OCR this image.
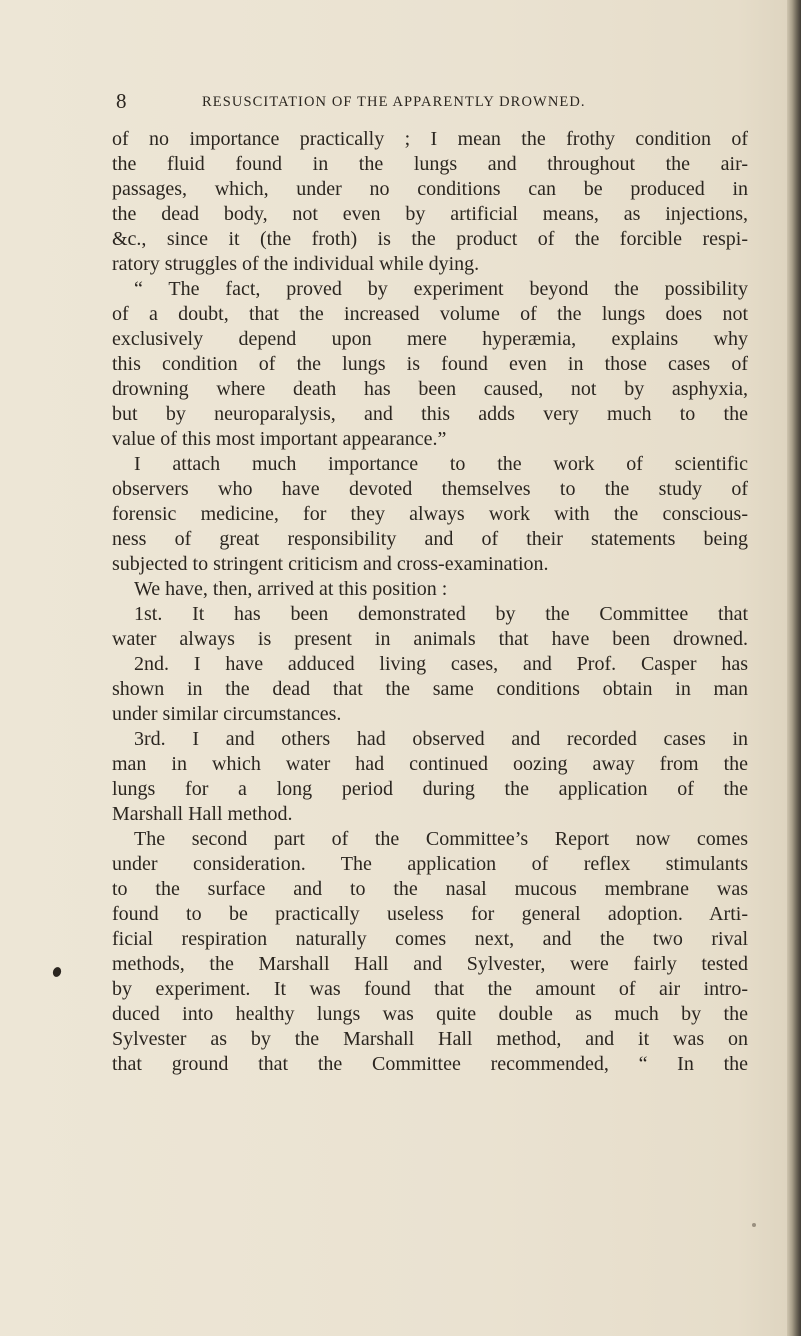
8	RESUSCITATION OF THE APPARENTLY DROWNED.
of no importance practically ; I mean the frothy condition of
the fluid found in the lungs and throughout the air-
passages, which, under no conditions can be produced in
the dead body, not even by artificial means, as injections,
&c., since it (the froth) is the product of the forcible respi-
ratory struggles of the individual while dying.
“ The fact, proved by experiment beyond the possibility
of a doubt, that the increased volume of the lungs does not
exclusively depend upon mere hyperæmia, explains why
this condition of the lungs is found even in those cases of
drowning where death has been caused, not by asphyxia,
but by neuroparalysis, and this adds very much to the
value of this most important appearance.”
I attach much importance to the work of scientific
observers who have devoted themselves to the study of
forensic medicine, for they always work with the conscious-
ness of great responsibility and of their statements being
subjected to stringent criticism and cross-examination.
We have, then, arrived at this position :
1st. It has been demonstrated by the Committee that
water always is present in animals that have been drowned.
2nd. I have adduced living cases, and Prof. Casper has
shown in the dead that the same conditions obtain in man
under similar circumstances.
3rd. I and others had observed and recorded cases in
man in which water had continued oozing away from the
lungs for a long period during the application of the
Marshall Hall method.
The second part of the Committee’s Report now comes
under consideration. The application of reflex stimulants
to the surface and to the nasal mucous membrane was
found to be practically useless for general adoption. Arti-
ficial respiration naturally comes next, and the two rival
methods, the Marshall Hall and Sylvester, were fairly tested
by experiment. It was found that the amount of air intro-
duced into healthy lungs was quite double as much by the
Sylvester as by the Marshall Hall method, and it was on
that ground that the Committee recommended, “ In the
